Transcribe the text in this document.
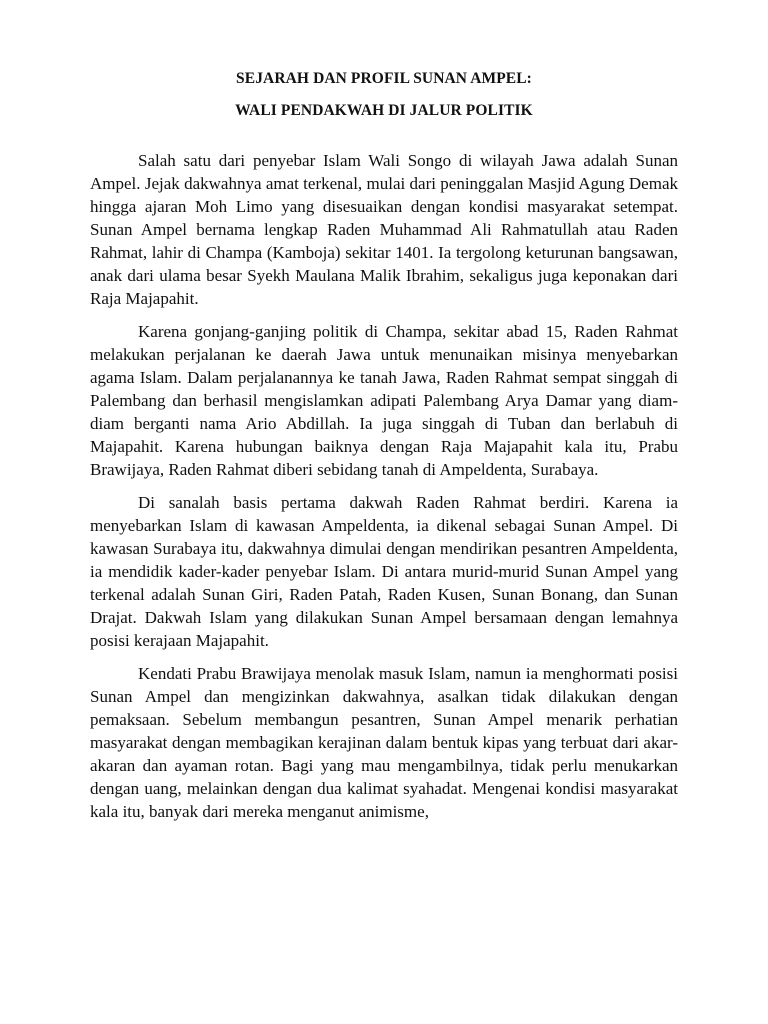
SEJARAH DAN PROFIL SUNAN AMPEL:

WALI PENDAKWAH DI JALUR POLITIK

Salah satu dari penyebar Islam Wali Songo di wilayah Jawa adalah Sunan Ampel. Jejak dakwahnya amat terkenal, mulai dari peninggalan Masjid Agung Demak hingga ajaran Moh Limo yang disesuaikan dengan kondisi masyarakat setempat. Sunan Ampel bernama lengkap Raden Muhammad Ali Rahmatullah atau Raden Rahmat, lahir di Champa (Kamboja) sekitar 1401. Ia tergolong keturunan bangsawan, anak dari ulama besar Syekh Maulana Malik Ibrahim, sekaligus juga keponakan dari Raja Majapahit.

Karena gonjang-ganjing politik di Champa, sekitar abad 15, Raden Rahmat melakukan perjalanan ke daerah Jawa untuk menunaikan misinya menyebarkan agama Islam. Dalam perjalanannya ke tanah Jawa, Raden Rahmat sempat singgah di Palembang dan berhasil mengislamkan adipati Palembang Arya Damar yang diam-diam berganti nama Ario Abdillah. Ia juga singgah di Tuban dan berlabuh di Majapahit. Karena hubungan baiknya dengan Raja Majapahit kala itu, Prabu Brawijaya, Raden Rahmat diberi sebidang tanah di Ampeldenta, Surabaya.

Di sanalah basis pertama dakwah Raden Rahmat berdiri. Karena ia menyebarkan Islam di kawasan Ampeldenta, ia dikenal sebagai Sunan Ampel. Di kawasan Surabaya itu, dakwahnya dimulai dengan mendirikan pesantren Ampeldenta, ia mendidik kader-kader penyebar Islam. Di antara murid-murid Sunan Ampel yang terkenal adalah Sunan Giri, Raden Patah, Raden Kusen, Sunan Bonang, dan Sunan Drajat. Dakwah Islam yang dilakukan Sunan Ampel bersamaan dengan lemahnya posisi kerajaan Majapahit.

Kendati Prabu Brawijaya menolak masuk Islam, namun ia menghormati posisi Sunan Ampel dan mengizinkan dakwahnya, asalkan tidak dilakukan dengan pemaksaan. Sebelum membangun pesantren, Sunan Ampel menarik perhatian masyarakat dengan membagikan kerajinan dalam bentuk kipas yang terbuat dari akar-akaran dan ayaman rotan. Bagi yang mau mengambilnya, tidak perlu menukarkan dengan uang, melainkan dengan dua kalimat syahadat. Mengenai kondisi masyarakat kala itu, banyak dari mereka menganut animisme,
